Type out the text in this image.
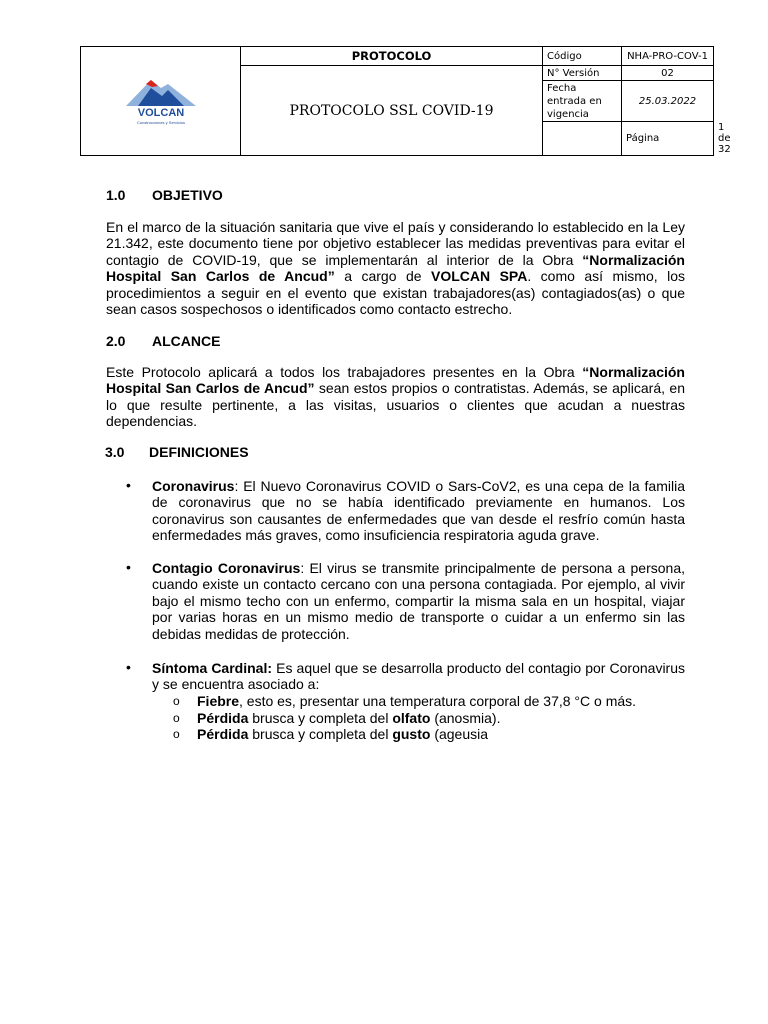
VOLCAN
Construcciones y Servicios	PROTOCOLO	Código	NHA-PRO-COV-1	
	PROTOCOLO SSL COVID-19	N° Versión	02	
		Fecha entrada en vigencia	25.03.2022	
			Página	1 de 32
1.0 OBJETIVO
En el marco de la situación sanitaria que vive el país y considerando lo establecido en la Ley 21.342, este documento tiene por objetivo establecer las medidas preventivas para evitar el contagio de COVID-19, que se implementarán al interior de la Obra “Normalización Hospital San Carlos de Ancud” a cargo de VOLCAN SPA. como así mismo, los procedimientos a seguir en el evento que existan trabajadores(as) contagiados(as) o que sean casos sospechosos o identificados como contacto estrecho.
2.0 ALCANCE
Este Protocolo aplicará a todos los trabajadores presentes en la Obra “Normalización Hospital San Carlos de Ancud” sean estos propios o contratistas. Además, se aplicará, en lo que resulte pertinente, a las visitas, usuarios o clientes que acudan a nuestras dependencias.
3.0 DEFINICIONES
• Coronavirus: El Nuevo Coronavirus COVID o Sars-CoV2, es una cepa de la familia de coronavirus que no se había identificado previamente en humanos. Los coronavirus son causantes de enfermedades que van desde el resfrío común hasta enfermedades más graves, como insuficiencia respiratoria aguda grave.
• Contagio Coronavirus: El virus se transmite principalmente de persona a persona, cuando existe un contacto cercano con una persona contagiada. Por ejemplo, al vivir bajo el mismo techo con un enfermo, compartir la misma sala en un hospital, viajar por varias horas en un mismo medio de transporte o cuidar a un enfermo sin las debidas medidas de protección.
• Síntoma Cardinal: Es aquel que se desarrolla producto del contagio por Coronavirus y se encuentra asociado a:
o Fiebre, esto es, presentar una temperatura corporal de 37,8 °C o más.
o Pérdida brusca y completa del olfato (anosmia).
o Pérdida brusca y completa del gusto (ageusia
